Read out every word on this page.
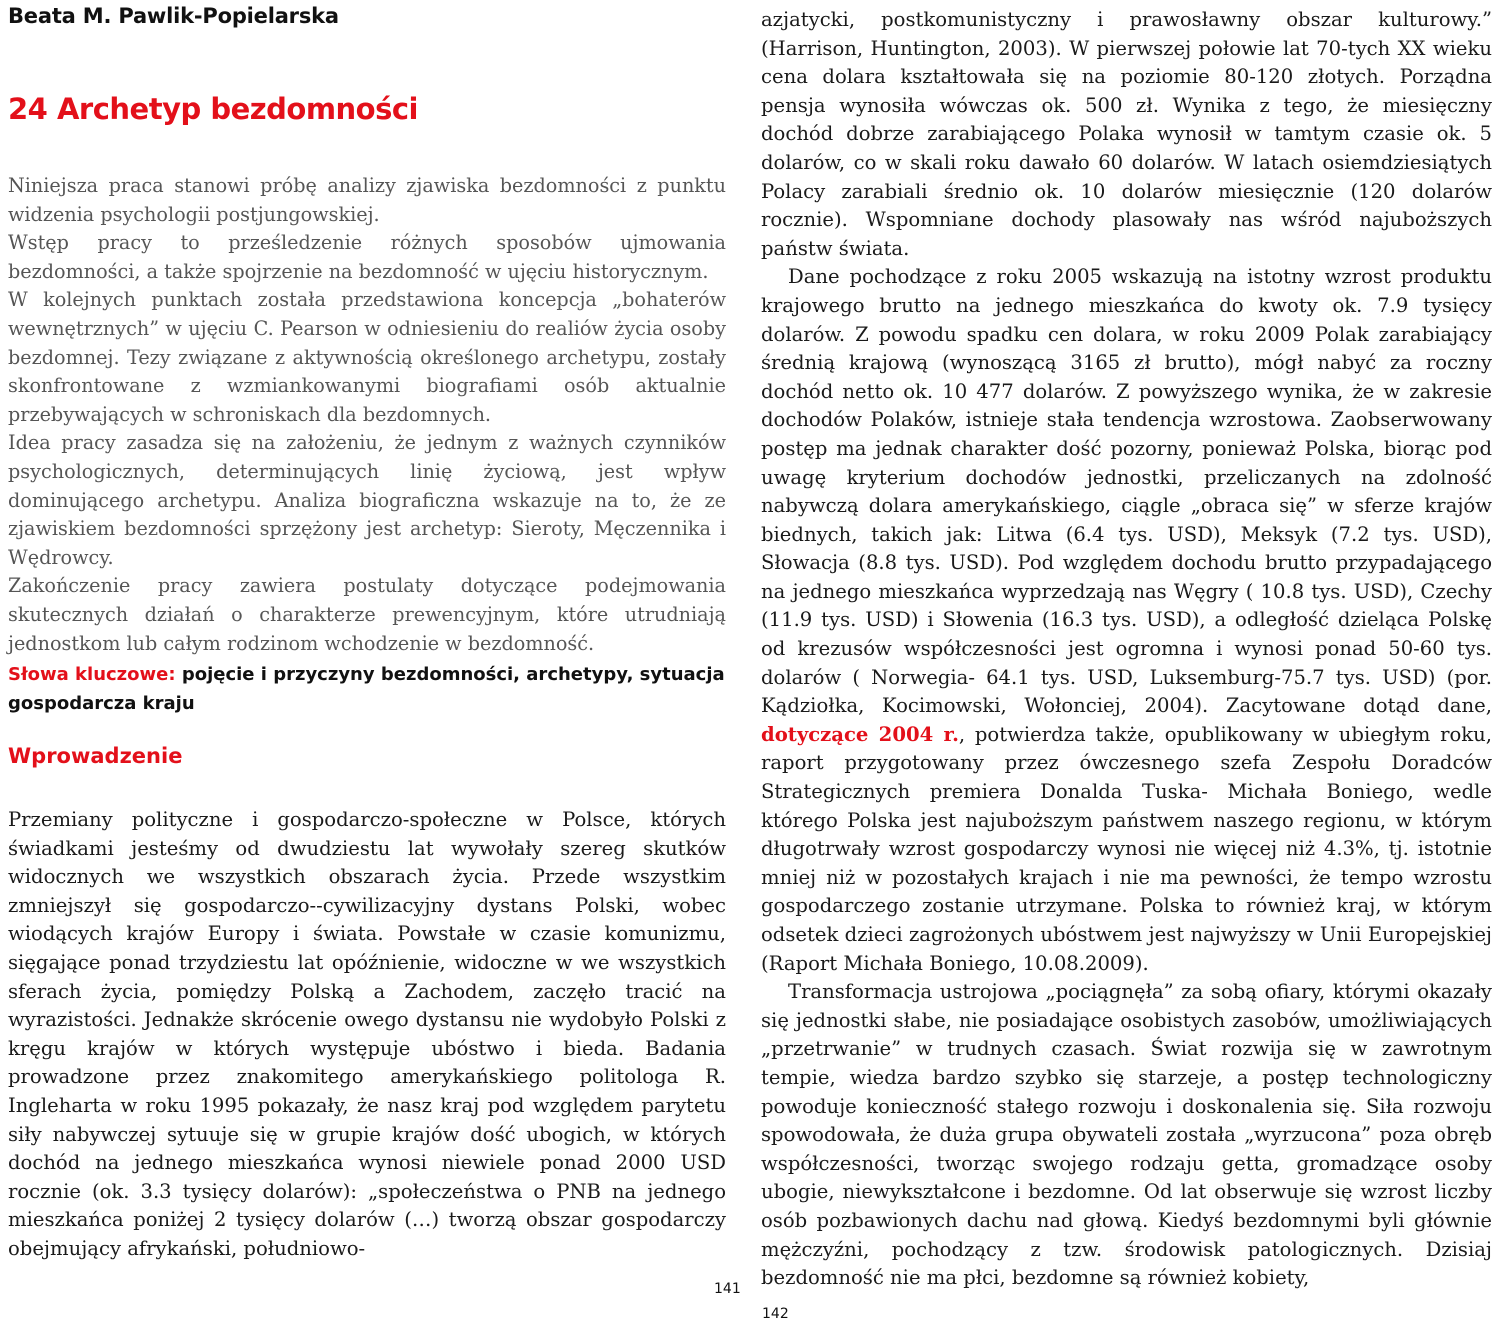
Beata M. Pawlik-Popielarska
24 Archetyp bezdomności

Niniejsza praca stanowi próbę analizy zjawiska bezdomności z punktu widzenia psychologii postjungowskiej.

Wstęp pracy to prześledzenie różnych sposobów ujmowania bezdomności, a także spojrzenie na bezdomność w ujęciu historycznym.

W kolejnych punktach została przedstawiona koncepcja „bohaterów wewnętrznych” w ujęciu C. Pearson w odniesieniu do realiów życia osoby bezdomnej. Tezy związane z aktywnością określonego archetypu, zostały skonfrontowane z wzmiankowanymi biografiami osób aktualnie przebywających w schroniskach dla bezdomnych.

Idea pracy zasadza się na założeniu, że jednym z ważnych czynników psychologicznych, determinujących linię życiową, jest wpływ dominującego archetypu. Analiza biograficzna wskazuje na to, że ze zjawiskiem bezdomności sprzężony jest archetyp: Sieroty, Męczennika i Wędrowcy.

Zakończenie pracy zawiera postulaty dotyczące podejmowania skutecznych działań o charakterze prewencyjnym, które utrudniają jednostkom lub całym rodzinom wchodzenie w bezdomność.

Słowa kluczowe: pojęcie i przyczyny bezdomności, archetypy, sytuacja gospodarcza kraju
Wprowadzenie

Przemiany polityczne i gospodarczo-społeczne w Polsce, których świadkami jesteśmy od dwudziestu lat wywołały szereg skutków widocznych we wszystkich obszarach życia. Przede wszystkim zmniejszył się gospodarczo--cywilizacyjny dystans Polski, wobec wiodących krajów Europy i świata. Powstałe w czasie komunizmu, sięgające ponad trzydziestu lat opóźnienie, widoczne w we wszystkich sferach życia, pomiędzy Polską a Zachodem, zaczęło tracić na wyrazistości. Jednakże skrócenie owego dystansu nie wydobyło Polski z kręgu krajów w których występuje ubóstwo i bieda. Badania prowadzone przez znakomitego amerykańskiego politologa R. Ingleharta w roku 1995 pokazały, że nasz kraj pod względem parytetu siły nabywczej sytuuje się w grupie krajów dość ubogich, w których dochód na jednego mieszkańca wynosi niewiele ponad 2000 USD rocznie (ok. 3.3 tysięcy dolarów): „społeczeństwa o PNB na jednego mieszkańca poniżej 2 tysięcy dolarów (…) tworzą obszar gospodarczy obejmujący afrykański, południowo-

azjatycki, postkomunistyczny i prawosławny obszar kulturowy.” (Harrison, Huntington, 2003). W pierwszej połowie lat 70-tych XX wieku cena dolara kształtowała się na poziomie 80-120 złotych. Porządna pensja wynosiła wówczas ok. 500 zł. Wynika z tego, że miesięczny dochód dobrze zarabiającego Polaka wynosił w tamtym czasie ok. 5 dolarów, co w skali roku dawało 60 dolarów. W latach osiemdziesiątych Polacy zarabiali średnio ok. 10 dolarów miesięcznie (120 dolarów rocznie). Wspomniane dochody plasowały nas wśród najuboższych państw świata.

Dane pochodzące z roku 2005 wskazują na istotny wzrost produktu krajowego brutto na jednego mieszkańca do kwoty ok. 7.9 tysięcy dolarów. Z powodu spadku cen dolara, w roku 2009 Polak zarabiający średnią krajową (wynoszącą 3165 zł brutto), mógł nabyć za roczny dochód netto ok. 10 477 dolarów. Z powyższego wynika, że w zakresie dochodów Polaków, istnieje stała tendencja wzrostowa. Zaobserwowany postęp ma jednak charakter dość pozorny, ponieważ Polska, biorąc pod uwagę kryterium dochodów jednostki, przeliczanych na zdolność nabywczą dolara amerykańskiego, ciągle „obraca się” w sferze krajów biednych, takich jak: Litwa (6.4 tys. USD), Meksyk (7.2 tys. USD), Słowacja (8.8 tys. USD). Pod względem dochodu brutto przypadającego na jednego mieszkańca wyprzedzają nas Węgry ( 10.8 tys. USD), Czechy (11.9 tys. USD) i Słowenia (16.3 tys. USD), a odległość dzieląca Polskę od krezusów współczesności jest ogromna i wynosi ponad 50-60 tys. dolarów ( Norwegia- 64.1 tys. USD, Luksemburg-75.7 tys. USD) (por. Kądziołka, Kocimowski, Wołonciej, 2004). Zacytowane dotąd dane, dotyczące 2004 r., potwierdza także, opublikowany w ubiegłym roku, raport przygotowany przez ówczesnego szefa Zespołu Doradców Strategicznych premiera Donalda Tuska- Michała Boniego, wedle którego Polska jest najuboższym państwem naszego regionu, w którym długotrwały wzrost gospodarczy wynosi nie więcej niż 4.3%, tj. istotnie mniej niż w pozostałych krajach i nie ma pewności, że tempo wzrostu gospodarczego zostanie utrzymane. Polska to również kraj, w którym odsetek dzieci zagrożonych ubóstwem jest najwyższy w Unii Europejskiej (Raport Michała Boniego, 10.08.2009).

Transformacja ustrojowa „pociągnęła” za sobą ofiary, którymi okazały się jednostki słabe, nie posiadające osobistych zasobów, umożliwiających „przetrwanie” w trudnych czasach. Świat rozwija się w zawrotnym tempie, wiedza bardzo szybko się starzeje, a postęp technologiczny powoduje konieczność stałego rozwoju i doskonalenia się. Siła rozwoju spowodowała, że duża grupa obywateli została „wyrzucona” poza obręb współczesności, tworząc swojego rodzaju getta, gromadzące osoby ubogie, niewykształcone i bezdomne. Od lat obserwuje się wzrost liczby osób pozbawionych dachu nad głową. Kiedyś bezdomnymi byli głównie mężczyźni, pochodzący z tzw. środowisk patologicznych. Dzisiaj bezdomność nie ma płci, bezdomne są również kobiety,

141
142
